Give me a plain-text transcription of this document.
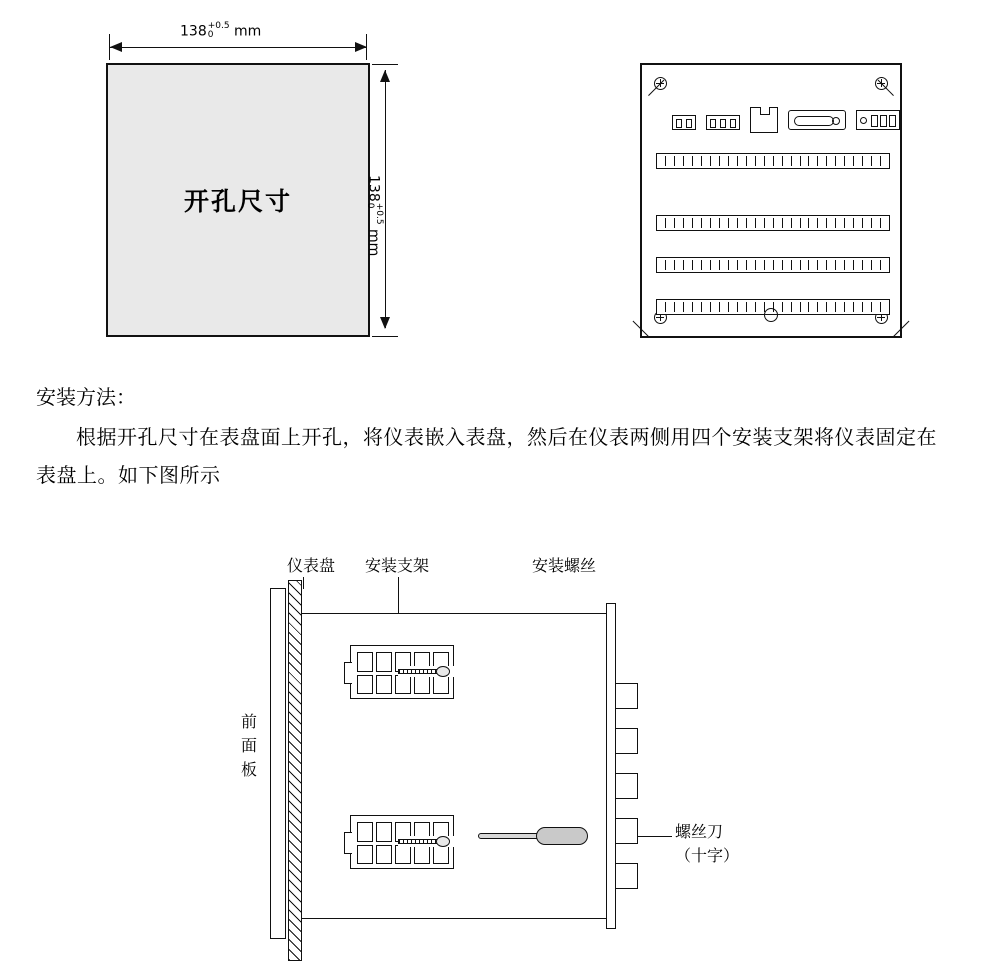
开孔尺寸
138 +0.5
0	mm
138
+0.5
0
mm
安装方法：
根据开孔尺寸在表盘面上开孔，将仪表嵌入表盘，然后在仪表两侧用四个安装支架将仪表固定在表盘上。如下图所示
仪表盘 安装支架	安装螺丝
螺丝刀
（十字）
前面板
